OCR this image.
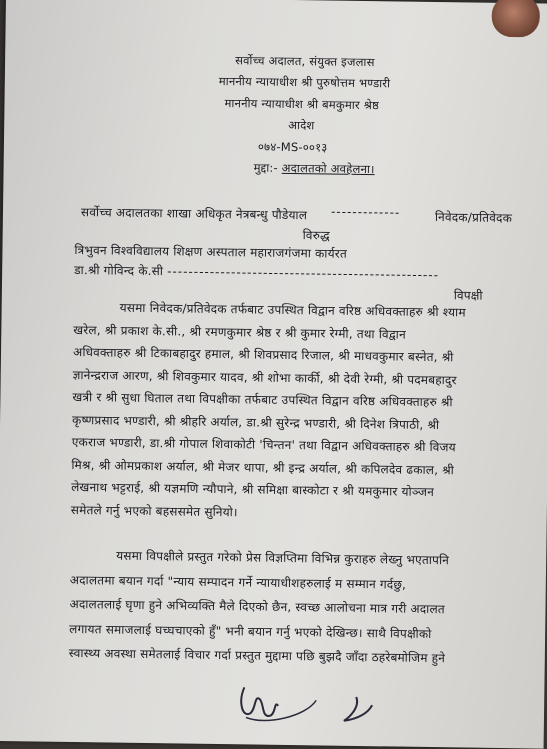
सर्वोच्च अदालत, संयुक्त इजलास
माननीय न्यायाधीश श्री पुरुषोत्तम भण्डारी
माननीय न्यायाधीश श्री बमकुमार श्रेष्ठ
आदेश
०७४-MS-००१३
मुद्दा:- अदालतको अवहेलना।
सर्वोच्च अदालतका शाखा अधिकृत नेत्रबन्धु पौडेयाल -------------	निवेदक/प्रतिवेदक
विरुद्ध
त्रिभुवन विश्वविद्यालय शिक्षण अस्पताल महाराजगंजमा कार्यरत
डा.श्री गोविन्द के.सी ---------------------------------------------------
विपक्षी
यसमा निवेदक/प्रतिवेदक तर्फबाट उपस्थित विद्वान वरिष्ठ अधिवक्ताहरु श्री श्याम
खरेल, श्री प्रकाश के.सी., श्री रमणकुमार श्रेष्ठ र श्री कुमार रेग्मी, तथा विद्वान
अधिवक्ताहरु श्री टिकाबहादुर हमाल, श्री शिवप्रसाद रिजाल, श्री माधवकुमार बस्नेत, श्री
ज्ञानेन्द्रराज आरण, श्री शिवकुमार यादव, श्री शोभा कार्की, श्री देवी रेग्मी, श्री पदमबहादुर
खत्री र श्री सुधा घिताल तथा विपक्षीका तर्फबाट उपस्थित विद्वान वरिष्ठ अधिवक्ताहरु श्री
कृष्णप्रसाद भण्डारी, श्री श्रीहरि अर्याल, डा.श्री सुरेन्द्र भण्डारी, श्री दिनेश त्रिपाठी, श्री
एकराज भण्डारी, डा.श्री गोपाल शिवाकोटी 'चिन्तन' तथा विद्वान अधिवक्ताहरु श्री विजय
मिश्र, श्री ओमप्रकाश अर्याल, श्री मेजर थापा, श्री इन्द्र अर्याल, श्री कपिलदेव ढकाल, श्री
लेखनाथ भट्टराई, श्री यज्ञमणि न्यौपाने, श्री समिक्षा बास्कोटा र श्री यमकुमार योञ्जन
समेतले गर्नु भएको बहससमेत सुनियो।
यसमा विपक्षीले प्रस्तुत गरेको प्रेस विज्ञप्तिमा विभिन्न कुराहरु लेख्नु भएतापनि
अदालतमा बयान गर्दा "न्याय सम्पादन गर्ने न्यायाधीशहरुलाई म सम्मान गर्दछु,
अदालतलाई घृणा हुने अभिव्यक्ति मैले दिएको छैन, स्वच्छ आलोचना मात्र गरी अदालत
लगायत समाजलाई घच्घचाएको हुँ" भनी बयान गर्नु भएको देखिन्छ। साथै विपक्षीको
स्वास्थ्य अवस्था समेतलाई विचार गर्दा प्रस्तुत मुद्दामा पछि बुझदै जाँदा ठहरेबमोजिम हुने
